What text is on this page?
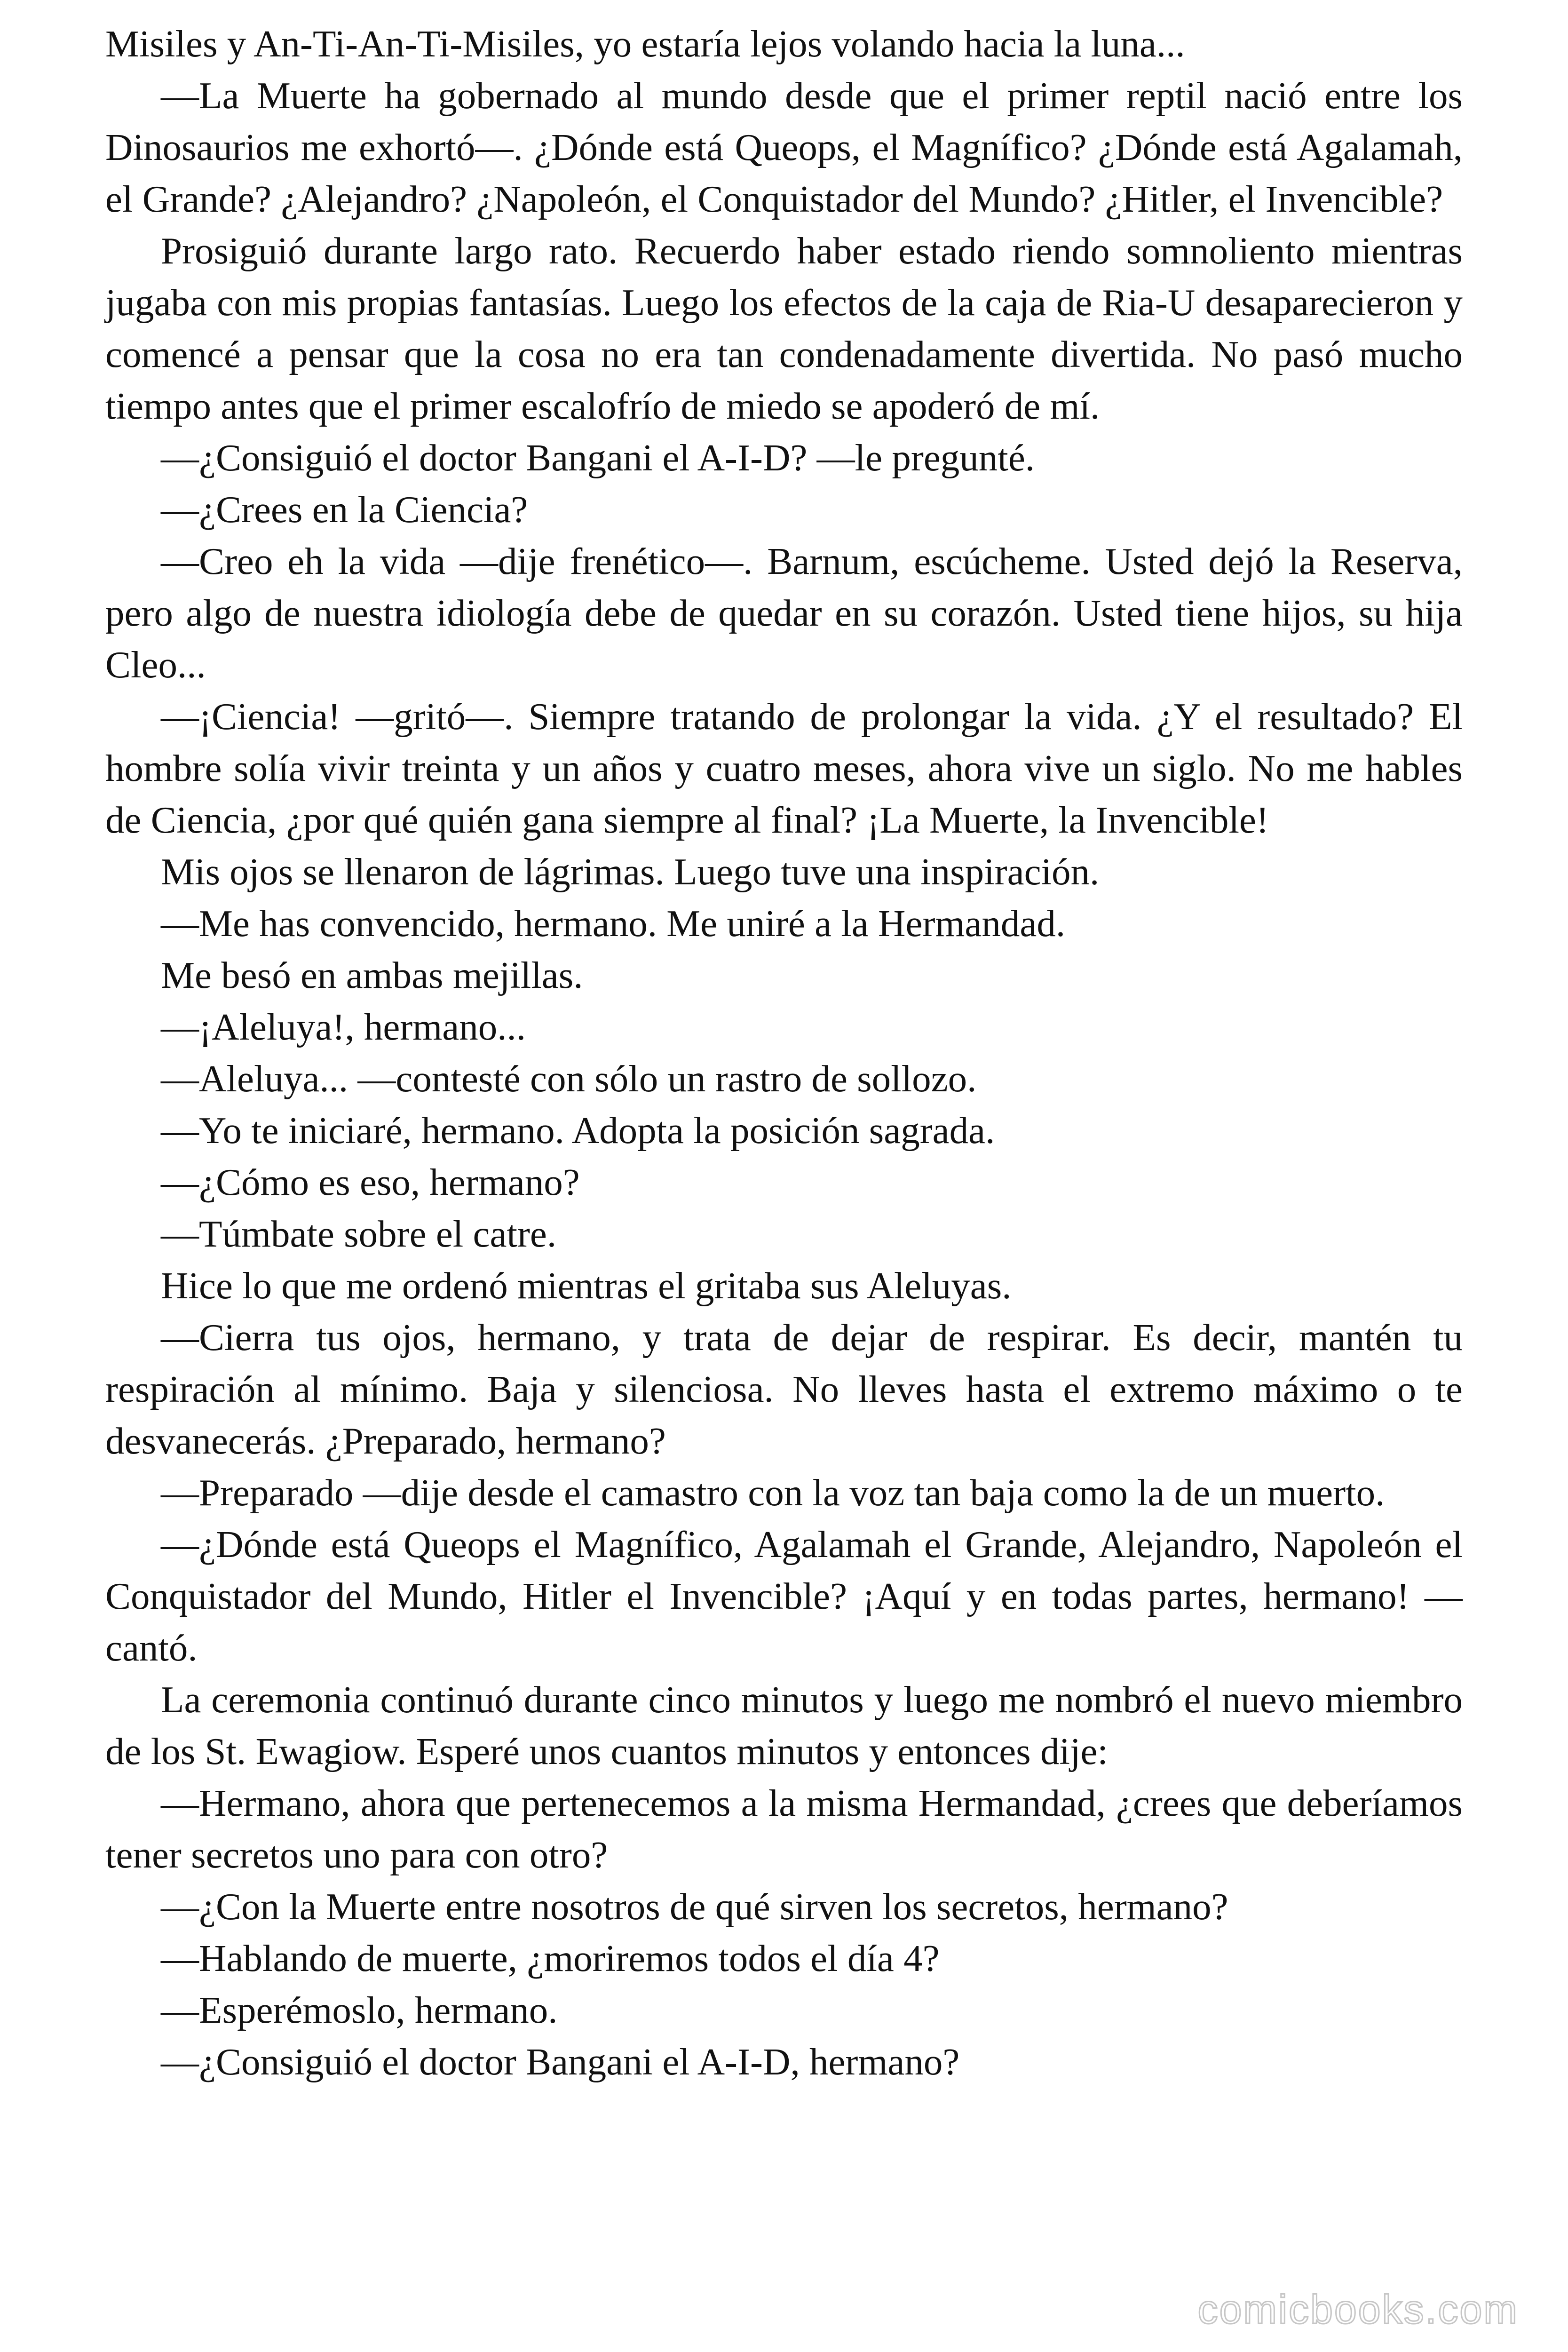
Misiles y An-Ti-An-Ti-Misiles, yo estaría lejos volando hacia la luna...

—La Muerte ha gobernado al mundo desde que el primer reptil nació entre los Dinosaurios me exhortó—. ¿Dónde está Queops, el Magnífico? ¿Dónde está Agalamah, el Grande? ¿Alejandro? ¿Napoleón, el Conquistador del Mundo? ¿Hitler, el Invencible?

Prosiguió durante largo rato. Recuerdo haber estado riendo somnoliento mientras jugaba con mis propias fantasías. Luego los efectos de la caja de Ria-U desaparecieron y comencé a pensar que la cosa no era tan condenadamente divertida. No pasó mucho tiempo antes que el primer escalofrío de miedo se apoderó de mí.

—¿Consiguió el doctor Bangani el A-I-D? —le pregunté.

—¿Crees en la Ciencia?

—Creo eh la vida —dije frenético—. Barnum, escúcheme. Usted dejó la Reserva, pero algo de nuestra idiología debe de quedar en su corazón. Usted tiene hijos, su hija Cleo...

—¡Ciencia! —gritó—. Siempre tratando de prolongar la vida. ¿Y el resultado? El hombre solía vivir treinta y un años y cuatro meses, ahora vive un siglo. No me hables de Ciencia, ¿por qué quién gana siempre al final? ¡La Muerte, la Invencible!

Mis ojos se llenaron de lágrimas. Luego tuve una inspiración.

—Me has convencido, hermano. Me uniré a la Hermandad.

Me besó en ambas mejillas.

—¡Aleluya!, hermano...

—Aleluya... —contesté con sólo un rastro de sollozo.

—Yo te iniciaré, hermano. Adopta la posición sagrada.

—¿Cómo es eso, hermano?

—Túmbate sobre el catre.

Hice lo que me ordenó mientras el gritaba sus Aleluyas.

—Cierra tus ojos, hermano, y trata de dejar de respirar. Es decir, mantén tu respiración al mínimo. Baja y silenciosa. No lleves hasta el extremo máximo o te desvanecerás. ¿Preparado, hermano?

—Preparado —dije desde el camastro con la voz tan baja como la de un muerto.

—¿Dónde está Queops el Magnífico, Agalamah el Grande, Alejandro, Napoleón el Conquistador del Mundo, Hitler el Invencible? ¡Aquí y en todas partes, hermano! —cantó.

La ceremonia continuó durante cinco minutos y luego me nombró el nuevo miembro de los St. Ewagiow. Esperé unos cuantos minutos y entonces dije:

—Hermano, ahora que pertenecemos a la misma Hermandad, ¿crees que deberíamos tener secretos uno para con otro?

—¿Con la Muerte entre nosotros de qué sirven los secretos, hermano?

—Hablando de muerte, ¿moriremos todos el día 4?

—Esperémoslo, hermano.

—¿Consiguió el doctor Bangani el A-I-D, hermano?

comicbooks.com
